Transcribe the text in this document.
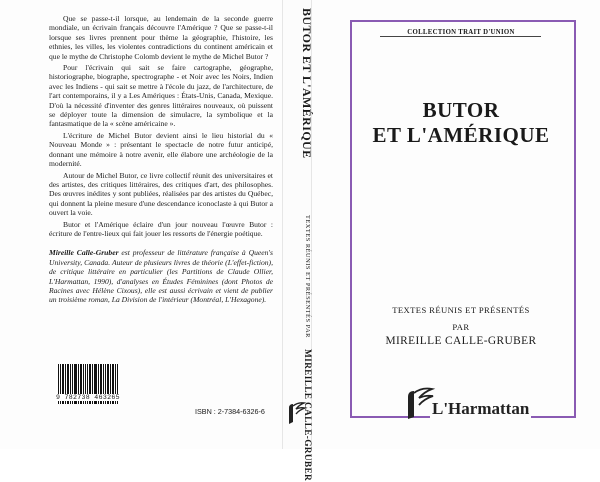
Que se passe-t-il lorsque, au lendemain de la seconde guerre mondiale, un écrivain français découvre l'Amérique ? Que se passe-t-il lorsque ses livres prennent pour thème la géographie, l'histoire, les ethnies, les villes, les violentes contradictions du continent américain et que le mythe de Christophe Colomb devient le mythe de Michel Butor ?

Pour l'écrivain qui sait se faire cartographe, géographe, historiographe, biographe, spectrographe - et Noir avec les Noirs, Indien avec les Indiens - qui sait se mettre à l'école du jazz, de l'architecture, de l'art contemporains, il y a Les Amériques : États-Unis, Canada, Mexique. D'où la nécessité d'inventer des genres littéraires nouveaux, où puissent se déployer toute la dimension de simulacre, la symbolique et la fantasmatique de la « scène américaine ».

L'écriture de Michel Butor devient ainsi le lieu historial du « Nouveau Monde » : présentant le spectacle de notre futur anticipé, donnant une mémoire à notre avenir, elle élabore une archéologie de la modernité.

Autour de Michel Butor, ce livre collectif réunit des universitaires et des artistes, des critiques littéraires, des critiques d'art, des philosophes. Des œuvres inédites y sont publiées, réalisées par des artistes du Québec, qui donnent la pleine mesure d'une descendance iconoclaste à qui Butor a ouvert la voie.

Butor et l'Amérique éclaire d'un jour nouveau l'œuvre Butor : écriture de l'entre-lieux qui fait jouer les ressorts de l'énergie poétique.

Mireille Calle-Gruber est professeur de littérature française à Queen's University, Canada. Auteur de plusieurs livres de théorie (L'effet-fiction), de critique littéraire en particulier (les Partitions de Claude Ollier, L'Harmattan, 1990), d'analyses en Études Féminines (dont Photos de Racines avec Hélène Cixous), elle est aussi écrivain et vient de publier un troisième roman, La Division de l'intérieur (Montréal, L'Hexagone).

9 782738 463265
ISBN : 2-7384-6326-6
BUTOR ET L'AMÉRIQUE TEXTES RÉUNIS ET PRÉSENTÉS PAR MIREILLE CALLE-GRUBER
COLLECTION TRAIT D'UNION
BUTOR
ET L'AMÉRIQUE
TEXTES RÉUNIS ET PRÉSENTÉS
PAR
MIREILLE CALLE-GRUBER
L'Harmattan
